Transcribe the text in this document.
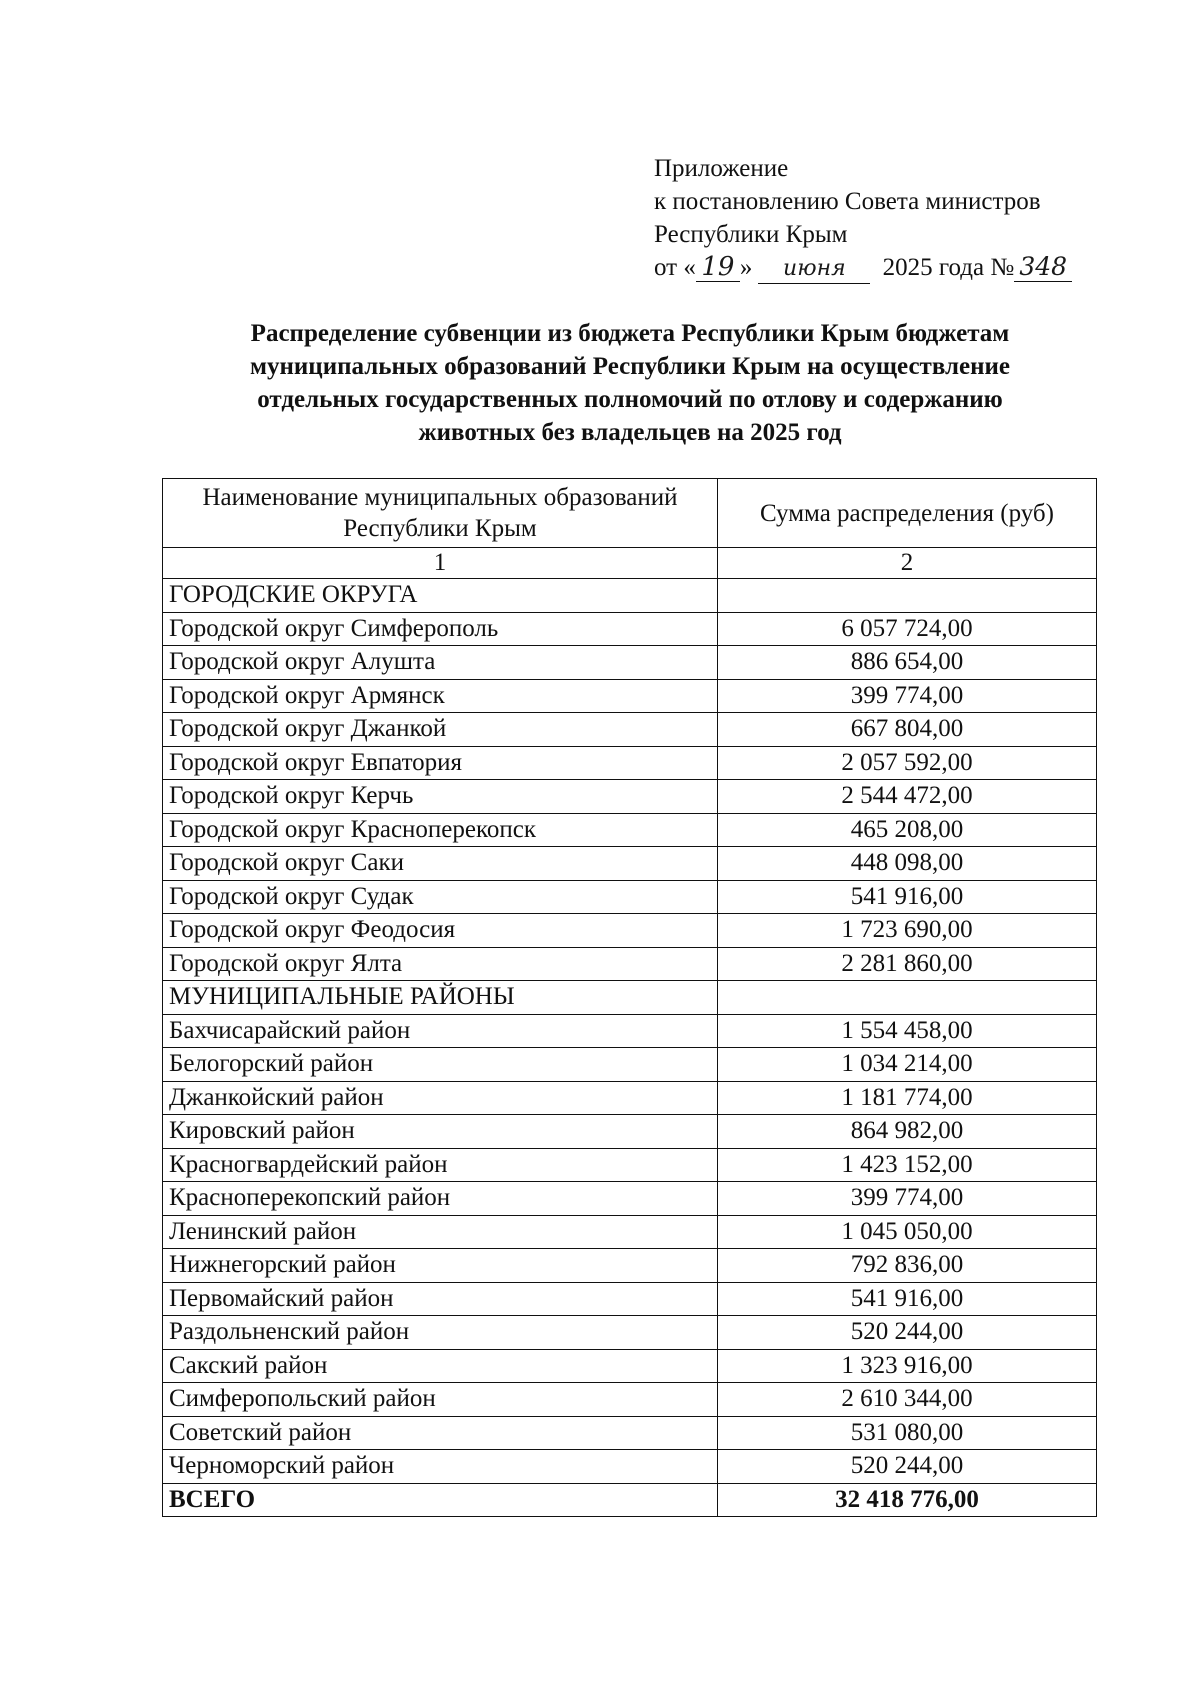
Приложение
к постановлению Совета министров
Республики Крым
от « 19 » июня 2025 года № 348
Распределение субвенции из бюджета Республики Крым бюджетам
муниципальных образований Республики Крым на осуществление
отдельных государственных полномочий по отлову и содержанию
животных без владельцев на 2025 год
Наименование муниципальных образований Республики Крым	Сумма распределения (руб)
1	2
ГОРОДСКИЕ ОКРУГА	
Городской округ Симферополь	6 057 724,00
Городской округ Алушта	886 654,00
Городской округ Армянск	399 774,00
Городской округ Джанкой	667 804,00
Городской округ Евпатория	2 057 592,00
Городской округ Керчь	2 544 472,00
Городской округ Красноперекопск	465 208,00
Городской округ Саки	448 098,00
Городской округ Судак	541 916,00
Городской округ Феодосия	1 723 690,00
Городской округ Ялта	2 281 860,00
МУНИЦИПАЛЬНЫЕ РАЙОНЫ	
Бахчисарайский район	1 554 458,00
Белогорский район	1 034 214,00
Джанкойский район	1 181 774,00
Кировский район	864 982,00
Красногвардейский район	1 423 152,00
Красноперекопский район	399 774,00
Ленинский район	1 045 050,00
Нижнегорский район	792 836,00
Первомайский район	541 916,00
Раздольненский район	520 244,00
Сакский район	1 323 916,00
Симферопольский район	2 610 344,00
Советский район	531 080,00
Черноморский район	520 244,00
ВСЕГО	32 418 776,00
